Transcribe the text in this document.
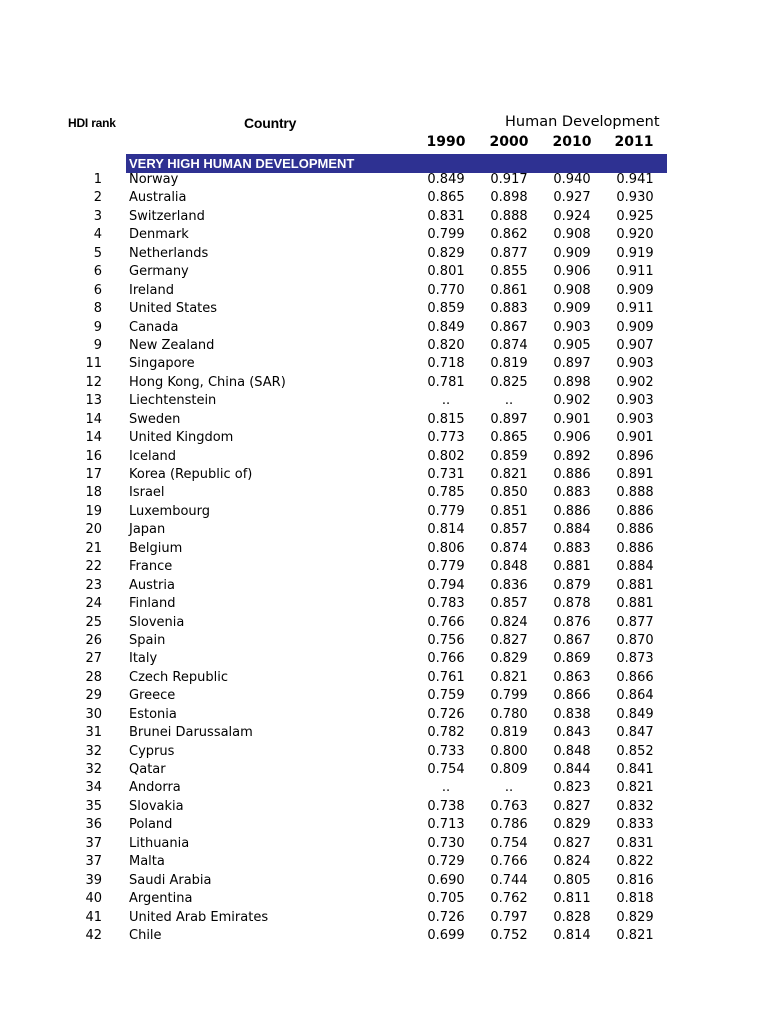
HDI rank	Country	Human Development
1990	2000	2010	2011
VERY HIGH HUMAN DEVELOPMENT
1 Norway	0.849	0.917	0.940	0.941
2 Australia	0.865	0.898	0.927	0.930
3 Switzerland	0.831	0.888	0.924	0.925
4 Denmark	0.799	0.862	0.908	0.920
5 Netherlands	0.829	0.877	0.909	0.919
6 Germany	0.801	0.855	0.906	0.911
6 Ireland	0.770	0.861	0.908	0.909
8 United States	0.859	0.883	0.909	0.911
9 Canada	0.849	0.867	0.903	0.909
9 New Zealand	0.820	0.874	0.905	0.907
11 Singapore	0.718	0.819	0.897	0.903
12 Hong Kong, China (SAR)	0.781	0.825	0.898	0.902
13 Liechtenstein	..	..	0.902	0.903
14 Sweden	0.815	0.897	0.901	0.903
14 United Kingdom	0.773	0.865	0.906	0.901
16 Iceland	0.802	0.859	0.892	0.896
17 Korea (Republic of)	0.731	0.821	0.886	0.891
18 Israel	0.785	0.850	0.883	0.888
19 Luxembourg	0.779	0.851	0.886	0.886
20 Japan	0.814	0.857	0.884	0.886
21 Belgium	0.806	0.874	0.883	0.886
22 France	0.779	0.848	0.881	0.884
23 Austria	0.794	0.836	0.879	0.881
24 Finland	0.783	0.857	0.878	0.881
25 Slovenia	0.766	0.824	0.876	0.877
26 Spain	0.756	0.827	0.867	0.870
27 Italy	0.766	0.829	0.869	0.873
28 Czech Republic	0.761	0.821	0.863	0.866
29 Greece	0.759	0.799	0.866	0.864
30 Estonia	0.726	0.780	0.838	0.849
31 Brunei Darussalam	0.782	0.819	0.843	0.847
32 Cyprus	0.733	0.800	0.848	0.852
32 Qatar	0.754	0.809	0.844	0.841
34 Andorra	..	..	0.823	0.821
35 Slovakia	0.738	0.763	0.827	0.832
36 Poland	0.713	0.786	0.829	0.833
37 Lithuania	0.730	0.754	0.827	0.831
37 Malta	0.729	0.766	0.824	0.822
39 Saudi Arabia	0.690	0.744	0.805	0.816
40 Argentina	0.705	0.762	0.811	0.818
41 United Arab Emirates	0.726	0.797	0.828	0.829
42 Chile	0.699	0.752	0.814	0.821
